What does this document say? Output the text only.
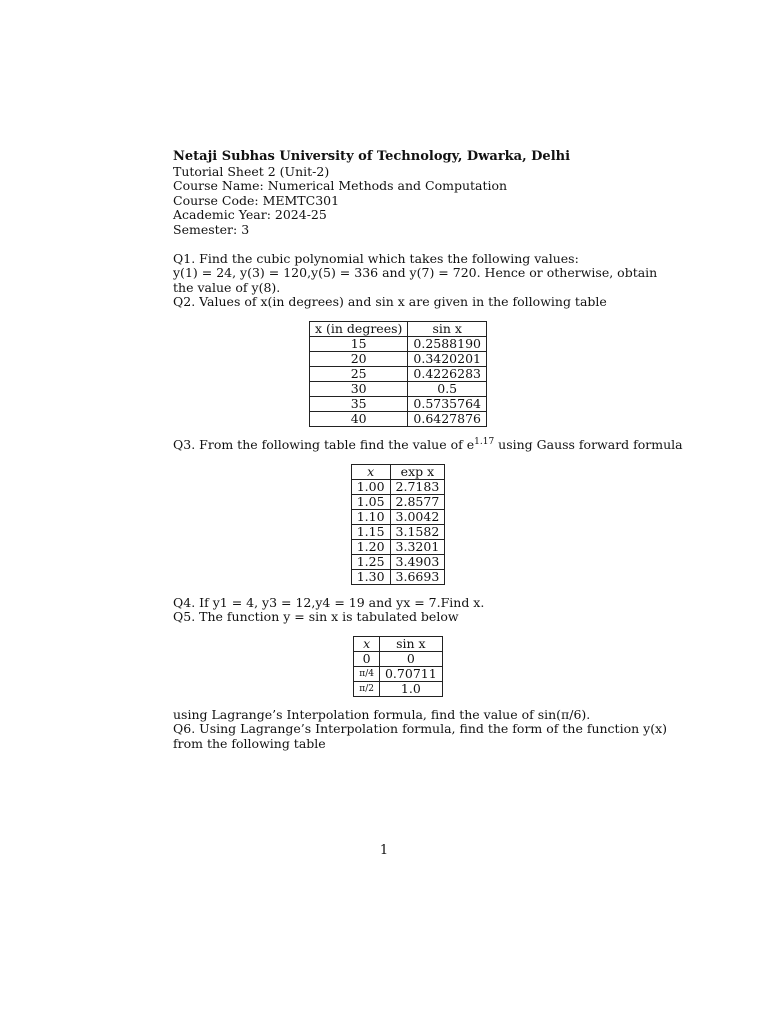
Netaji Subhas University of Technology, Dwarka, Delhi
Tutorial Sheet 2 (Unit-2)
Course Name: Numerical Methods and Computation
Course Code: MEMTC301
Academic Year: 2024-25
Semester: 3
Q1. Find the cubic polynomial which takes the following values:
y(1) = 24, y(3) = 120,y(5) = 336 and y(7) = 720. Hence or otherwise, obtain
the value of y(8).
Q2. Values of x(in degrees) and sin x are given in the following table
x (in degrees)	sin x
15	0.2588190
20	0.3420201
25	0.4226283
30	0.5
35	0.5735764
40	0.6427876
Q3. From the following table find the value of $e^{1.17}$ using Gauss forward formula
x	exp x
1.00	2.7183
1.05	2.8577
1.10	3.0042
1.15	3.1582
1.20	3.3201
1.25	3.4903
1.30	3.6693
Q4. If y1 = 4, y3 = 12,y4 = 19 and yx = 7.Find x.
Q5. The function y = sin x is tabulated below
x	sin x
0	0
π/4	0.70711
π/2	1.0
using Lagrange’s Interpolation formula, find the value of sin(π/6).
Q6. Using Lagrange’s Interpolation formula, find the form of the function y(x)
from the following table
1
